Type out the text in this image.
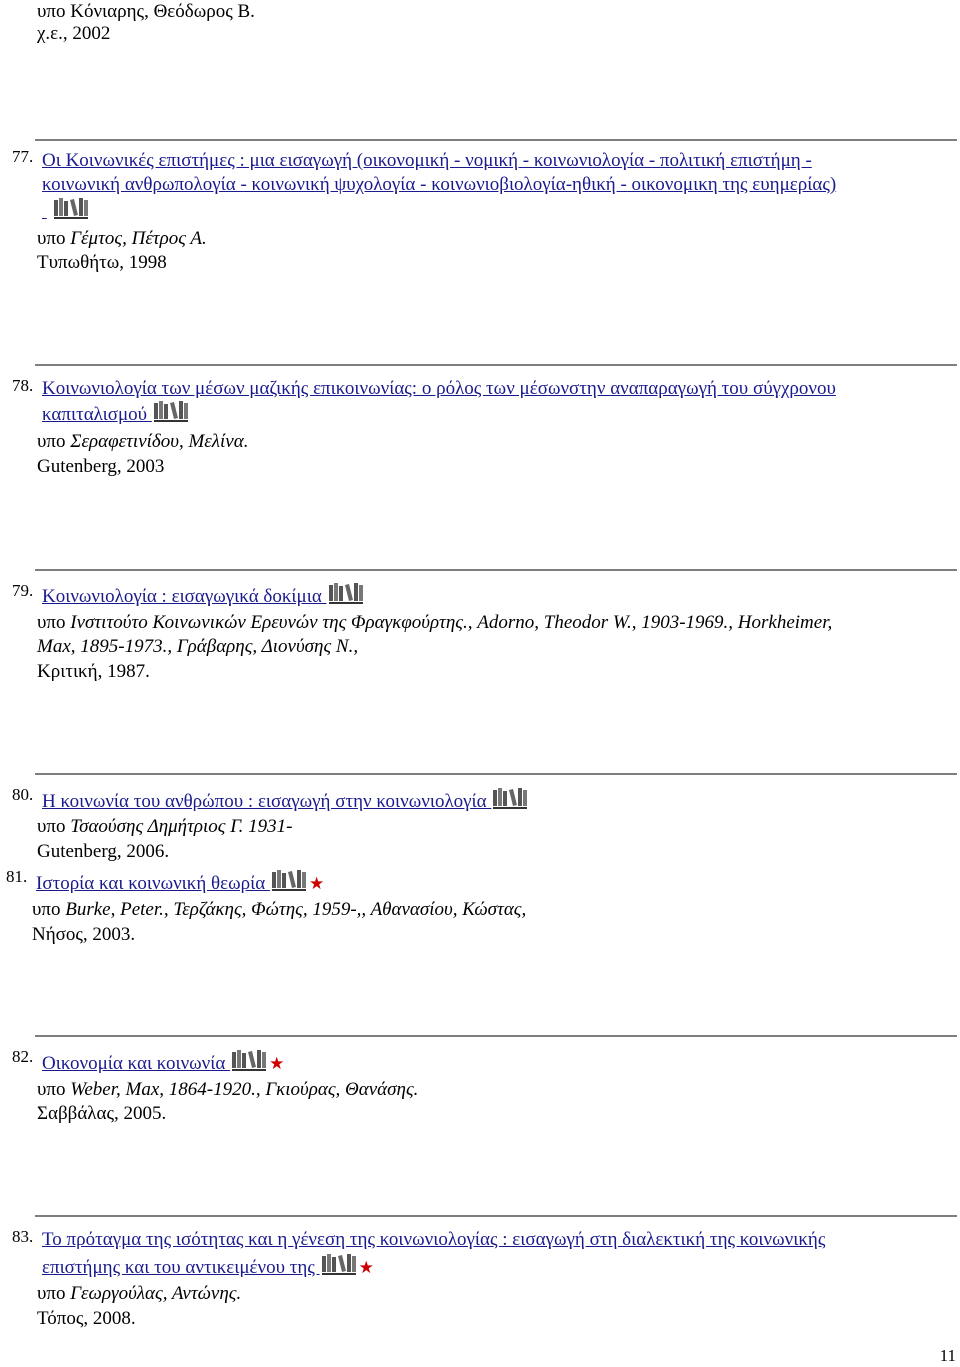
υπο Κόνιαρης, Θεόδωρος Β.
χ.ε., 2002
77. Οι Κοινωνικές επιστήμες : μια εισαγωγή (οικονομική - νομική - κοινωνιολογία - πολιτική επιστήμη -
κοινωνική ανθρωπολογία - κοινωνική ψυχολογία - κοινωνιοβιολογία-ηθική - οικονομικη της ευημερίας)

υπο Γέμτος, Πέτρος Α.
Τυπωθήτω, 1998
78. Κοινωνιολογία των μέσων μαζικής επικοινωνίας: ο ρόλος των μέσωνστην αναπαραγωγή του σύγχρονου
καπιταλισμού
υπο Σεραφετινίδου, Μελίνα.
Gutenberg, 2003
79. Κοινωνιολογία : εισαγωγικά δοκίμια
υπο Ινστιτούτο Κοινωνικών Ερευνών της Φραγκφούρτης., Adorno, Theodor W., 1903-1969., Horkheimer,
Max, 1895-1973., Γράβαρης, Διονύσης Ν.,
Κριτική, 1987.
80. Η κοινωνία του ανθρώπου : εισαγωγή στην κοινωνιολογία
υπο Τσαούσης Δημήτριος Γ. 1931-
Gutenberg, 2006.
81. Ιστορία και κοινωνική θεωρία ★
υπο Burke, Peter., Τερζάκης, Φώτης, 1959-,, Αθανασίου, Κώστας,
Νήσος, 2003.
82. Οικονομία και κοινωνία ★
υπο Weber, Max, 1864-1920., Γκιούρας, Θανάσης.
Σαββάλας, 2005.
83. Το πρόταγμα της ισότητας και η γένεση της κοινωνιολογίας : εισαγωγή στη διαλεκτική της κοινωνικής
επιστήμης και του αντικειμένου της ★
υπο Γεωργούλας, Αντώνης.
Τόπος, 2008.
11
